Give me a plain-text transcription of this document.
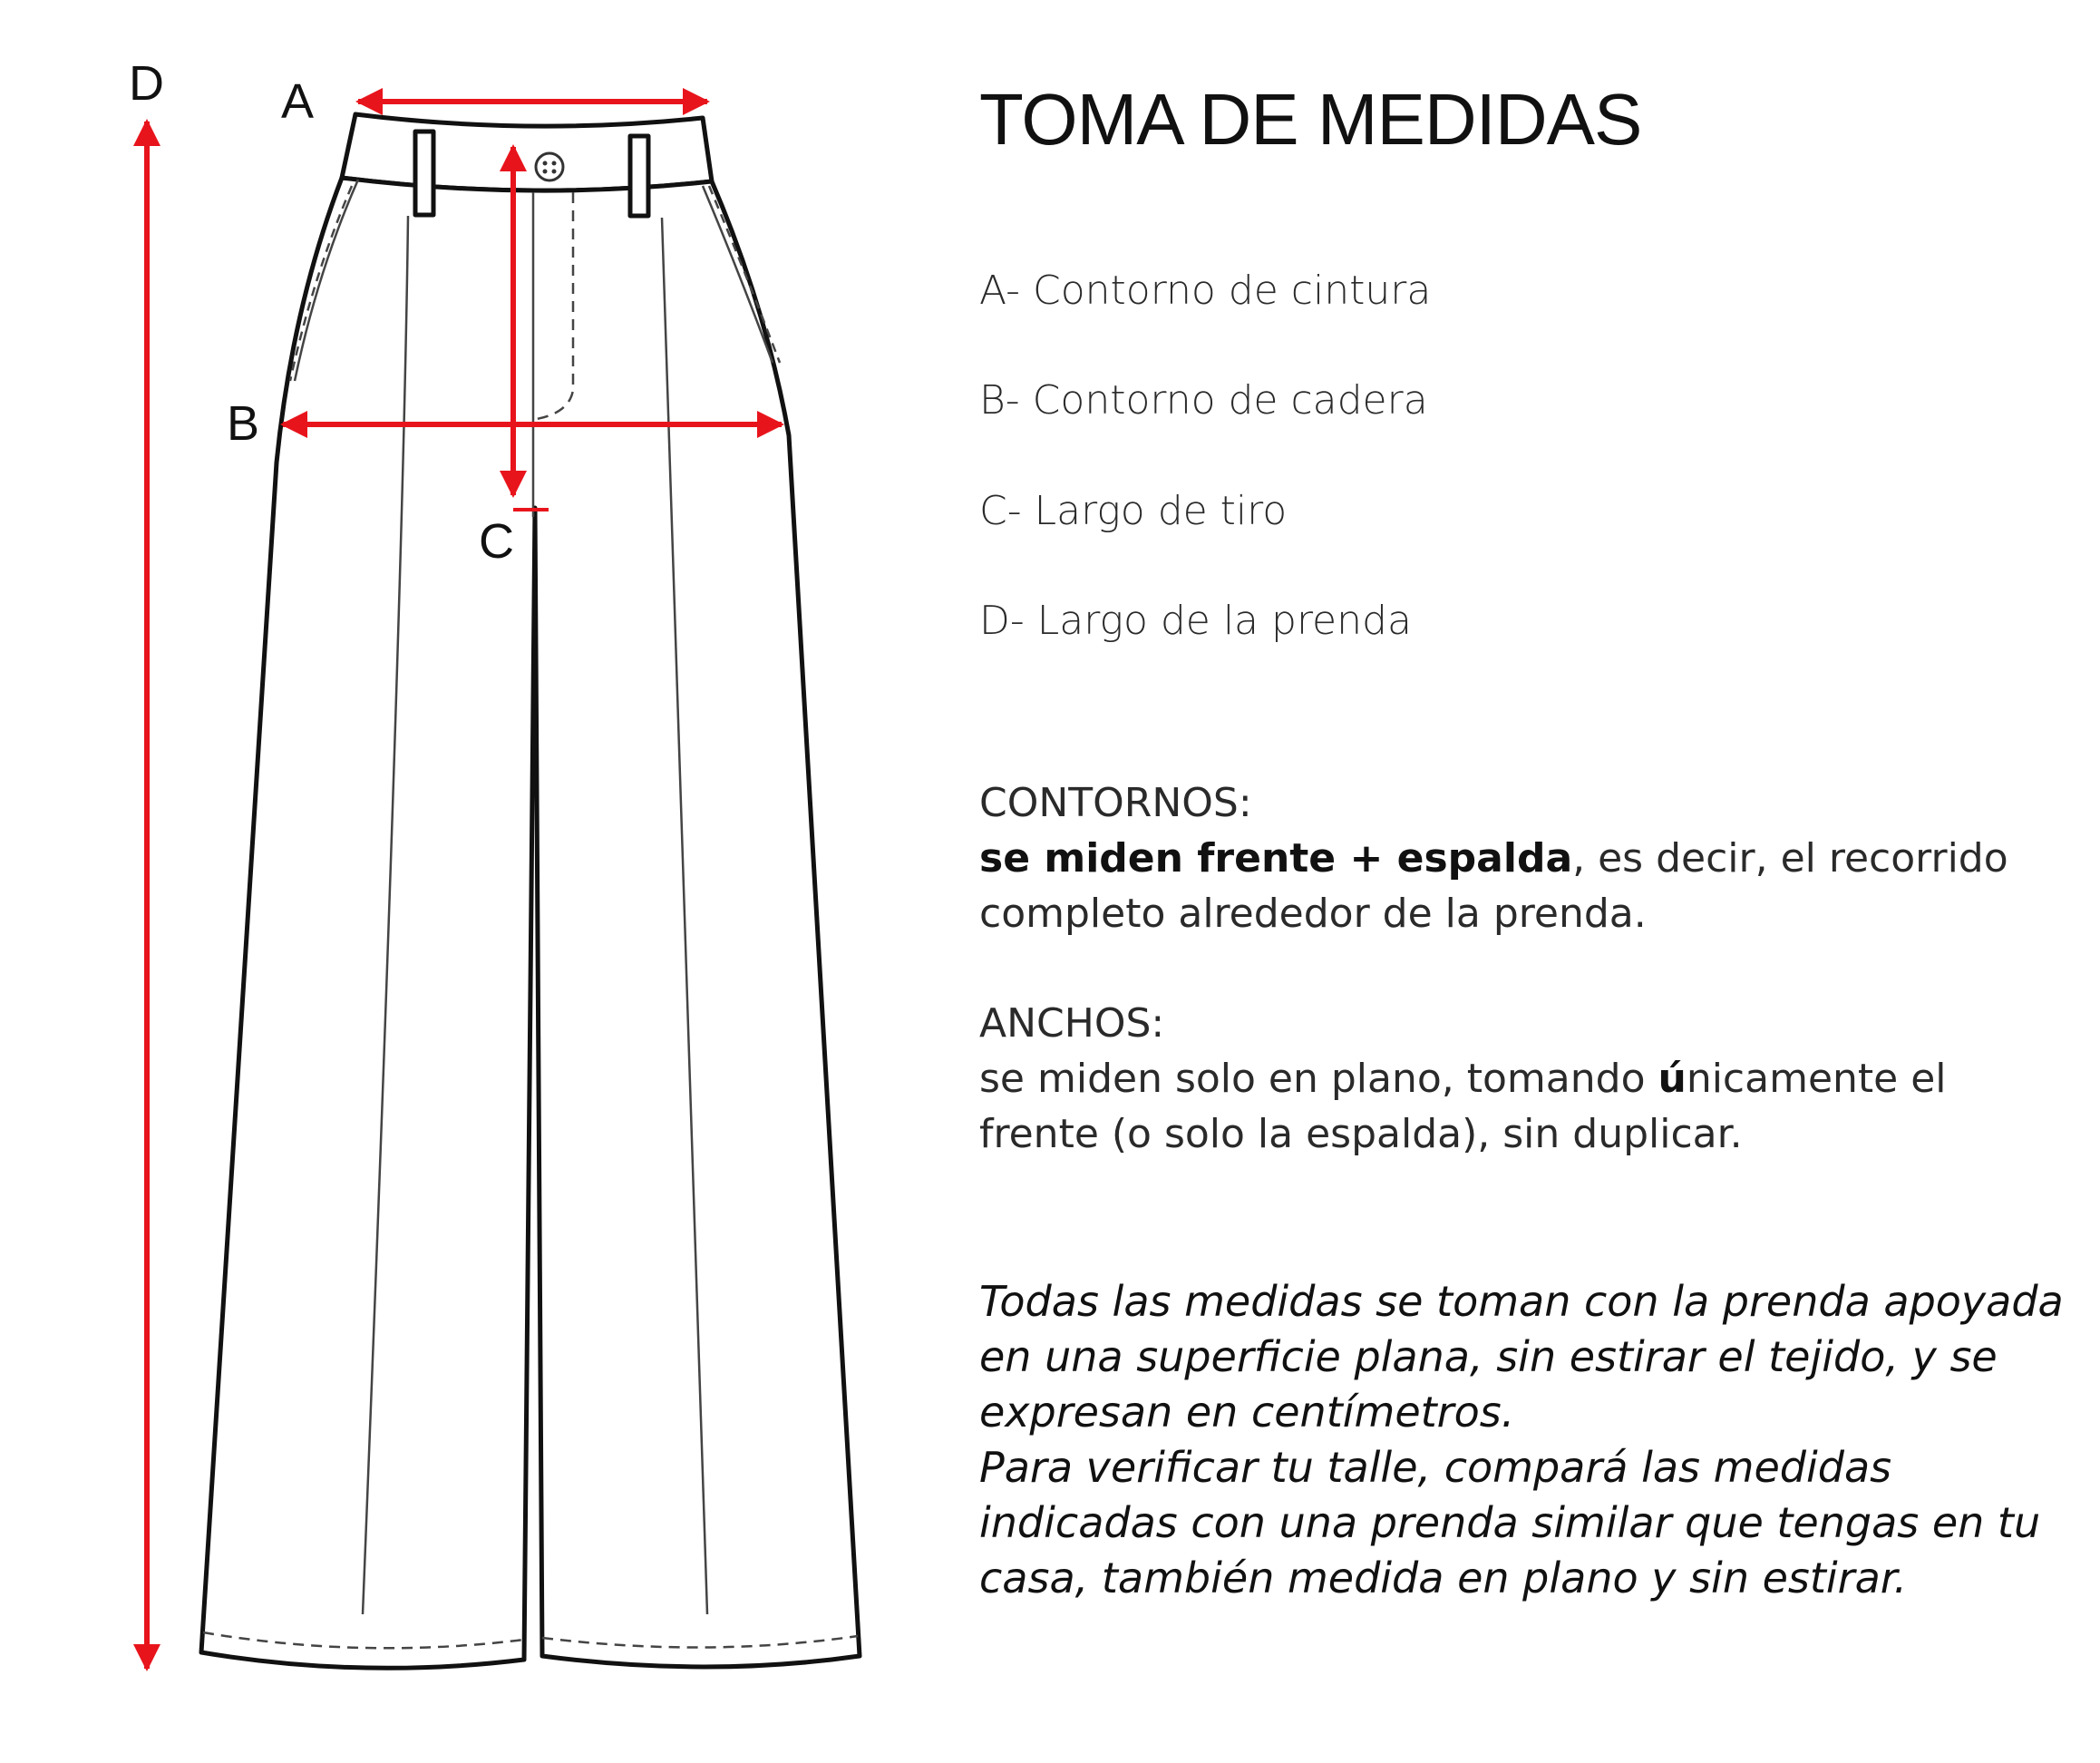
A
B
C
D	TOMA DE MEDIDAS
A- Contorno de cintura
B- Contorno de cadera
C- Largo de tiro
D- Largo de la prenda
CONTORNOS:
se miden frente + espalda, es decir, el recorrido completo alrededor de la prenda.
ANCHOS:
se miden solo en plano, tomando únicamente el frente (o solo la espalda), sin duplicar.

Todas las medidas se toman con la prenda apoyada en una superficie plana, sin estirar el tejido, y se expresan en centímetros.

Para verificar tu talle, compará las medidas indicadas con una prenda similar que tengas en tu casa, también medida en plano y sin estirar.
